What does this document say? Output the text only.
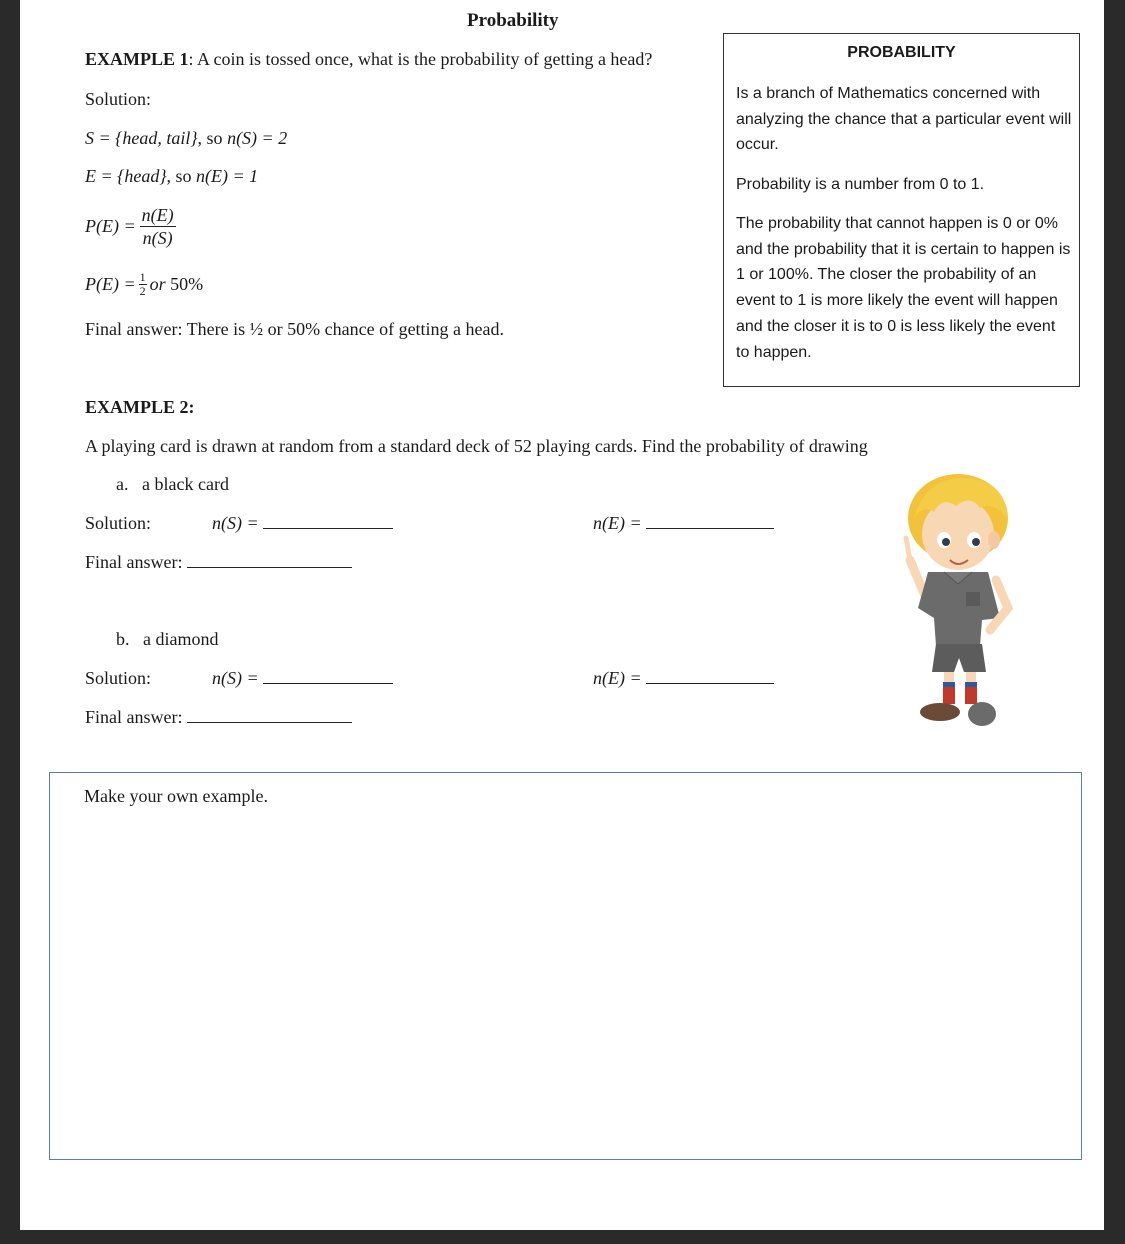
Probability
EXAMPLE 1: A coin is tossed once, what is the probability of getting a head?
Solution:
S = {head, tail}, so n(S) = 2
E = {head}, so n(E) = 1
$P(E) = \frac{n(E)}{n(S)}$
$P(E) = \frac{1}{2}$ or
50%
Final answer: There is ½ or 50% chance of getting a head.
PROBABILITY

Is a branch of Mathematics concerned with analyzing the chance that a particular event will occur.

Probability is a number from 0 to 1.

The probability that cannot happen is 0 or 0% and the probability that it is certain to happen is 1 or 100%. The closer the probability of an event to 1 is more likely the event will happen and the closer it is to 0 is less likely the event to happen.

EXAMPLE 2:
A playing card is drawn at random from a standard deck of 52 playing cards. Find the probability of drawing
a. a black card
Solution:	n(S) =	n(E) =
Final answer:
b. a diamond
Solution:	n(S) =	n(E) =
Final answer:
Make your own example.
